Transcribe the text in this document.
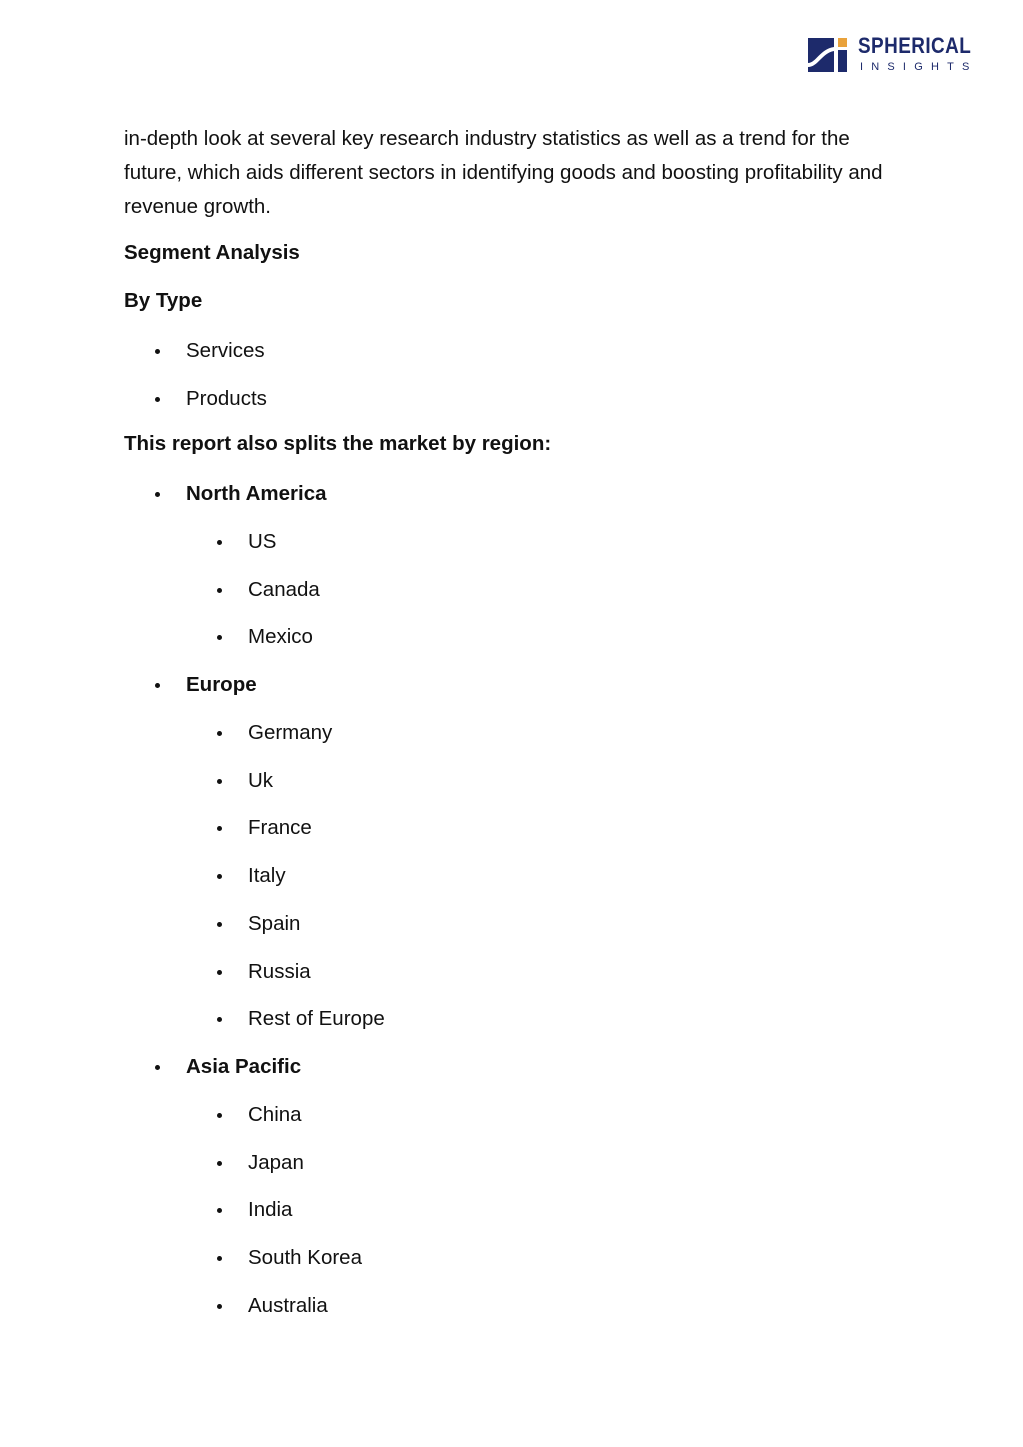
SPHERICAL
INSIGHTS

in-depth look at several key research industry statistics as well as a trend for the future, which aids different sectors in identifying goods and boosting profitability and revenue growth.

Segment Analysis
By Type
Services
Products
This report also splits the market by region:
North America
US
Canada
Mexico
Europe
Germany
Uk
France
Italy
Spain
Russia
Rest of Europe
Asia Pacific
China
Japan
India
South Korea
Australia
